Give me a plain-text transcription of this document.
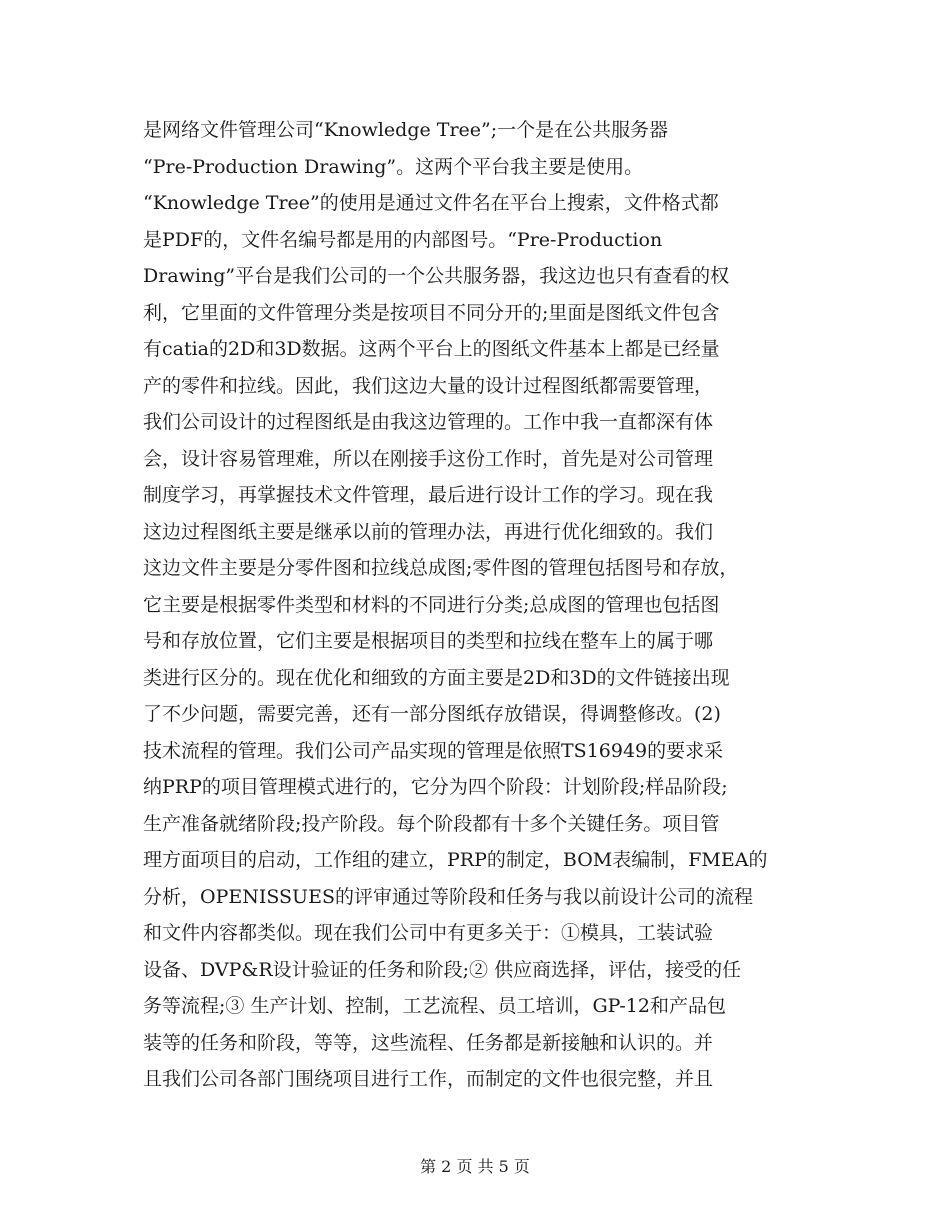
是网络文件管理公司“Knowledge Tree”;一个是在公共服务器
“Pre-Production Drawing”。这两个平台我主要是使用。
“Knowledge Tree”的使用是通过文件名在平台上搜索，文件格式都
是PDF的，文件名编号都是用的内部图号。“Pre-Production
Drawing”平台是我们公司的一个公共服务器，我这边也只有查看的权
利，它里面的文件管理分类是按项目不同分开的;里面是图纸文件包含
有catia的2D和3D数据。这两个平台上的图纸文件基本上都是已经量
产的零件和拉线。因此，我们这边大量的设计过程图纸都需要管理，
我们公司设计的过程图纸是由我这边管理的。工作中我一直都深有体
会，设计容易管理难，所以在刚接手这份工作时，首先是对公司管理
制度学习，再掌握技术文件管理，最后进行设计工作的学习。现在我
这边过程图纸主要是继承以前的管理办法，再进行优化细致的。我们
这边文件主要是分零件图和拉线总成图;零件图的管理包括图号和存放，
它主要是根据零件类型和材料的不同进行分类;总成图的管理也包括图
号和存放位置，它们主要是根据项目的类型和拉线在整车上的属于哪
类进行区分的。现在优化和细致的方面主要是2D和3D的文件链接出现
了不少问题，需要完善，还有一部分图纸存放错误，得调整修改。(2)
技术流程的管理。我们公司产品实现的管理是依照TS16949的要求采
纳PRP的项目管理模式进行的，它分为四个阶段：计划阶段;样品阶段;
生产准备就绪阶段;投产阶段。每个阶段都有十多个关键任务。项目管
理方面项目的启动，工作组的建立，PRP的制定，BOM表编制，FMEA的
分析，OPENISSUES的评审通过等阶段和任务与我以前设计公司的流程
和文件内容都类似。现在我们公司中有更多关于：①模具，工装试验
设备、DVP&R设计验证的任务和阶段;② 供应商选择，评估，接受的任
务等流程;③ 生产计划、控制，工艺流程、员工培训，GP-12和产品包
装等的任务和阶段，等等，这些流程、任务都是新接触和认识的。并
且我们公司各部门围绕项目进行工作，而制定的文件也很完整，并且
第 2 页 共 5 页
